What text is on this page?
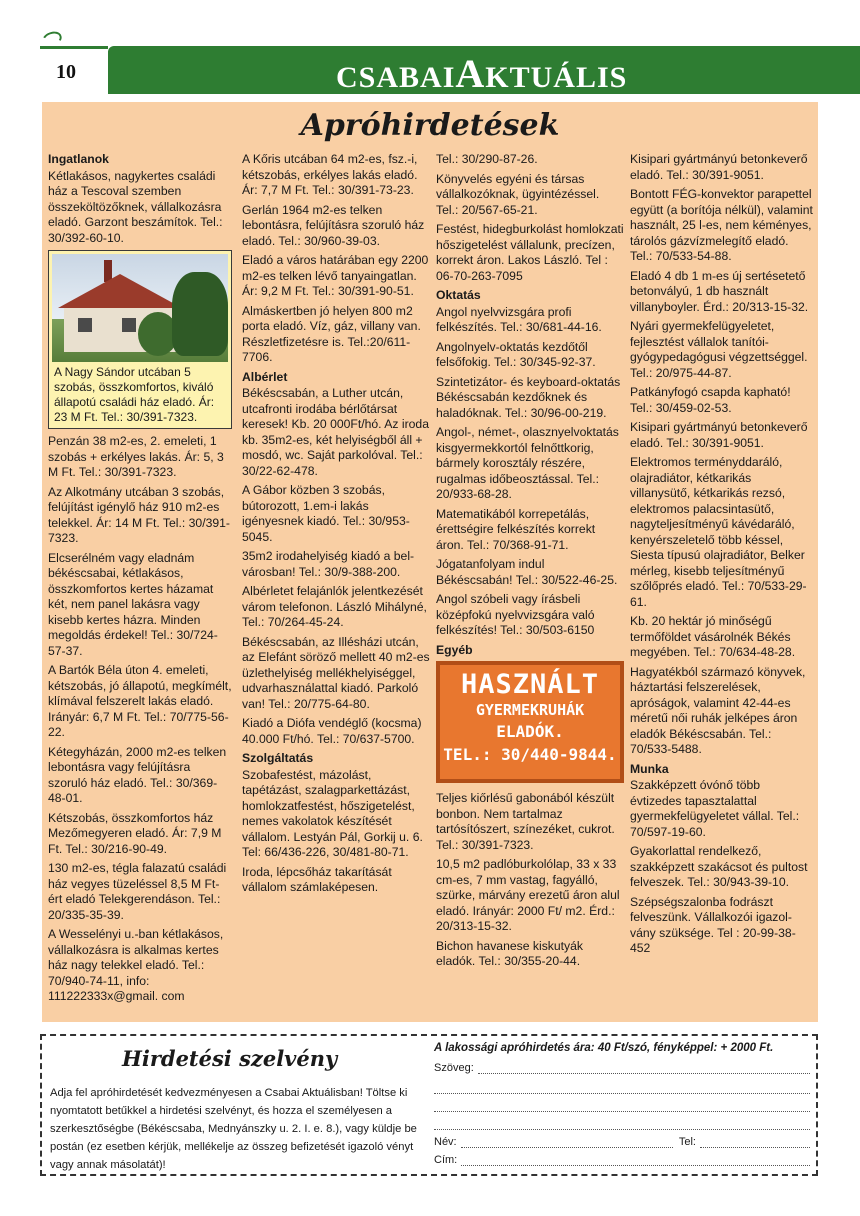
10	CSABAIAKTUÁLIS
Apróhirdetések
Ingatlanok

Kétlakásos, nagykertes családi ház a Tescoval szemben összeköltözőknek, vállalkozásra eladó. Garzont beszámítok. Tel.: 30/392-60-10.

A Nagy Sándor utcában 5 szobás, összkomfortos, kiváló állapotú családi ház eladó. Ár: 23 M Ft. Tel.: 30/391-7323.

Penzán 38 m2-es, 2. emeleti, 1 szobás + erkélyes lakás. Ár: 5, 3 M Ft. Tel.: 30/391-7323.

Az Alkotmány utcában 3 szobás, felújítást igénylő ház 910 m2-es telekkel. Ár: 14 M Ft. Tel.: 30/391-7323.

Elcserélném vagy eladnám békéscsabai, kétlakásos, összkomfortos kertes házamat két, nem panel lakásra vagy kisebb kertes házra. Minden megoldás érdekel! Tel.: 30/724-57-37.

A Bartók Béla úton 4. emeleti, kétszobás, jó állapotú, megkímélt, klímával felszerelt lakás eladó. Irányár: 6,7 M Ft. Tel.: 70/775-56-22.

Kétegyházán, 2000 m2-es telken lebontásra vagy felújításra szoruló ház eladó. Tel.: 30/369-48-01.

Kétszobás, összkomfortos ház Mezőmegyeren eladó. Ár: 7,9 M Ft. Tel.: 30/216-90-49.

130 m2-es, tégla falazatú családi ház vegyes tüzeléssel 8,5 M Ft-ért eladó Telekgerendáson. Tel.: 20/335-35-39.

A Wesselényi u.-ban kétlakásos, vállalkozásra is alkalmas kertes ház nagy telekkel eladó. Tel.: 70/940-74-11, info: 111222333x@gmail. com

A Kőris utcában 64 m2-es, fsz.-i, kétszobás, erkélyes lakás eladó. Ár: 7,7 M Ft. Tel.: 30/391-73-23.

Gerlán 1964 m2-es telken lebontásra, felújításra szoruló ház eladó. Tel.: 30/960-39-03.

Eladó a város határában egy 2200 m2-es telken lévő tanyaingatlan. Ár: 9,2 M Ft. Tel.: 30/391-90-51.

Almáskertben jó helyen 800 m2 porta eladó. Víz, gáz, villany van. Részletfizetésre is. Tel.:20/611-7706.

Albérlet

Békéscsabán, a Luther utcán, utcafronti irodába bérlőtársat keresek! Kb. 20 000Ft/hó. Az iroda kb. 35m2-es, két helyiségből áll + mosdó, wc. Saját parkolóval. Tel.: 30/22-62-478.

A Gábor közben 3 szobás, bútorozott, 1.em-i lakás igényesnek kiadó. Tel.: 30/953-5045.

35m2 irodahelyiség kiadó a bel-városban! Tel.: 30/9-388-200.

Albérletet felajánlók jelentkezését várom telefonon. László Mihályné, Tel.: 70/264-45-24.

Békéscsabán, az Illésházi utcán, az Elefánt söröző mellett 40 m2-es üzlethelyiség mellékhelyiséggel, udvarhasználattal kiadó. Parkoló van! Tel.: 20/775-64-80.

Kiadó a Diófa vendéglő (kocsma) 40.000 Ft/hó. Tel.: 70/637-5700.

Szolgáltatás

Szobafestést, mázolást, tapétázást, szalagparkettázást, homlokzatfestést, hőszigetelést, nemes vakolatok készítését vállalom. Lestyán Pál, Gorkij u. 6. Tel: 66/436-226, 30/481-80-71.

Iroda, lépcsőház takarítását vállalom számlaképesen.

Tel.: 30/290-87-26.

Könyvelés egyéni és társas vállalkozóknak, ügyintézéssel. Tel.: 20/567-65-21.

Festést, hidegburkolást homlokzati hőszigetelést vállalunk, precízen, korrekt áron. Lakos László. Tel : 06-70-263-7095

Oktatás

Angol nyelvvizsgára profi felkészítés. Tel.: 30/681-44-16.

Angolnyelv-oktatás kezdőtől felsőfokig. Tel.: 30/345-92-37.

Szintetizátor- és keyboard-oktatás Békéscsabán kezdőknek és haladóknak. Tel.: 30/96-00-219.

Angol-, német-, olasznyelvoktatás kisgyermekkortól felnőttkorig, bármely korosztály részére, rugalmas időbeosztással. Tel.: 20/933-68-28.

Matematikából korrepetálás, érettségire felkészítés korrekt áron. Tel.: 70/368-91-71.

Jógatanfolyam indul Békéscsabán! Tel.: 30/522-46-25.

Angol szóbeli vagy írásbeli középfokú nyelvvizsgára való felkészítés! Tel.: 30/503-6150

Egyéb
HASZNÁLT
GYERMEKRUHÁK
ELADÓK.
TEL.: 30/440-9844.

Teljes kiőrlésű gabonából készült bonbon. Nem tartalmaz tartósítószert, színezéket, cukrot. Tel.: 30/391-7323.

10,5 m2 padlóburkolólap, 33 x 33 cm-es, 7 mm vastag, fagyálló, szürke, márvány erezetű áron alul eladó. Irányár: 2000 Ft/ m2. Érd.: 20/313-15-32.

Bichon havanese kiskutyák eladók. Tel.: 30/355-20-44.

Kisipari gyártmányú betonkeverő eladó. Tel.: 30/391-9051.

Bontott FÉG-konvektor parapettel együtt (a borítója nélkül), valamint használt, 25 l-es, nem kéményes, tárolós gázvízmelegítő eladó. Tel.: 70/533-54-88.

Eladó 4 db 1 m-es új sertésetető betonvályú, 1 db használt villanyboyler. Érd.: 20/313-15-32.

Nyári gyermekfelügyeletet, fejlesztést vállalok tanítói-gyógypedagógusi végzettséggel. Tel.: 20/975-44-87.

Patkányfogó csapda kapható! Tel.: 30/459-02-53.

Kisipari gyártmányú betonkeverő eladó. Tel.: 30/391-9051.

Elektromos terményddaráló, olajradiátor, kétkarikás villanysütő, kétkarikás rezsó, elektromos palacsintasütő, nagyteljesítményű kávédaráló, kenyérszeletelő több késsel, Siesta típusú olajradiátor, Belker mérleg, kisebb teljesítményű szőlőprés eladó. Tel.: 70/533-29-61.

Kb. 20 hektár jó minőségű termőföldet vásárolnék Békés megyében. Tel.: 70/634-48-28.

Hagyatékból származó könyvek, háztartási felszerelések, apróságok, valamint 42-44-es méretű női ruhák jelképes áron eladók Békéscsabán. Tel.: 70/533-5488.

Munka

Szakképzett óvónő több évtizedes tapasztalattal gyermekfelügyeletet vállal. Tel.: 70/597-19-60.

Gyakorlattal rendelkező, szakképzett szakácsot és pultost felveszek. Tel.: 30/943-39-10.

Szépségszalonba fodrászt felveszünk. Vállalkozói igazol-vány szüksége. Tel : 20-99-38-452

Hirdetési szelvény
Adja fel apróhirdetését kedvezményesen a Csabai Aktuálisban! Töltse ki nyomtatott betűkkel a hirdetési szelvényt, és hozza el személyesen a szerkesztőségbe (Békéscsaba, Mednyánszky u. 2. I. e. 8.), vagy küldje be postán (ez esetben kérjük, mellékelje az összeg befizetését igazoló vényt vagy annak másolatát)!
A lakossági apróhirdetés ára: 40 Ft/szó, fényképpel: + 2000 Ft.
Szöveg:
Név:	Tel:
Cím:
